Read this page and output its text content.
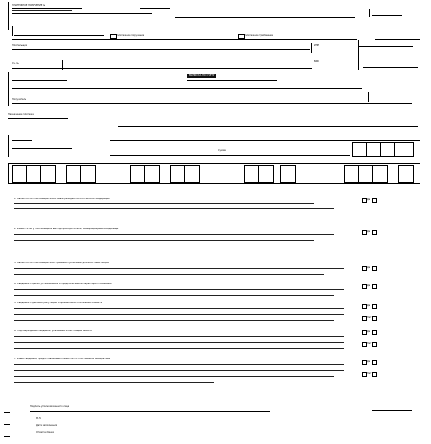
ПЛАТЕЖНОЕ ПОРУЧЕНИЕ №
платежное поручение	платежное требование
Плательщик	ИНН
Сч. №
БИК
ВЫПИСКА ПО СЧЕТУ
Получатель
Назначение платежа
Сумма
1. Является ли плательщик налоговым резидентом Российской Федерации	Да
2. Имеются ли у плательщика выгодоприобретатели, бенефициарные владельцы
Да
3. Является ли плательщик иностранным публичным должностным лицом
Да
4. Сведения о целях установления и предполагаемом характере отношений
Да
5. Сведения о деловой репутации и финансовом положении клиента
Да
Нет
6. Подтверждение сведений, указанных в настоящей анкете	Да
Нет
7. Иные сведения, предоставленные клиентом по собственной инициативе
Да
Нет
Подпись уполномоченного лица
М.П.
Дата заполнения
Отметки банка
